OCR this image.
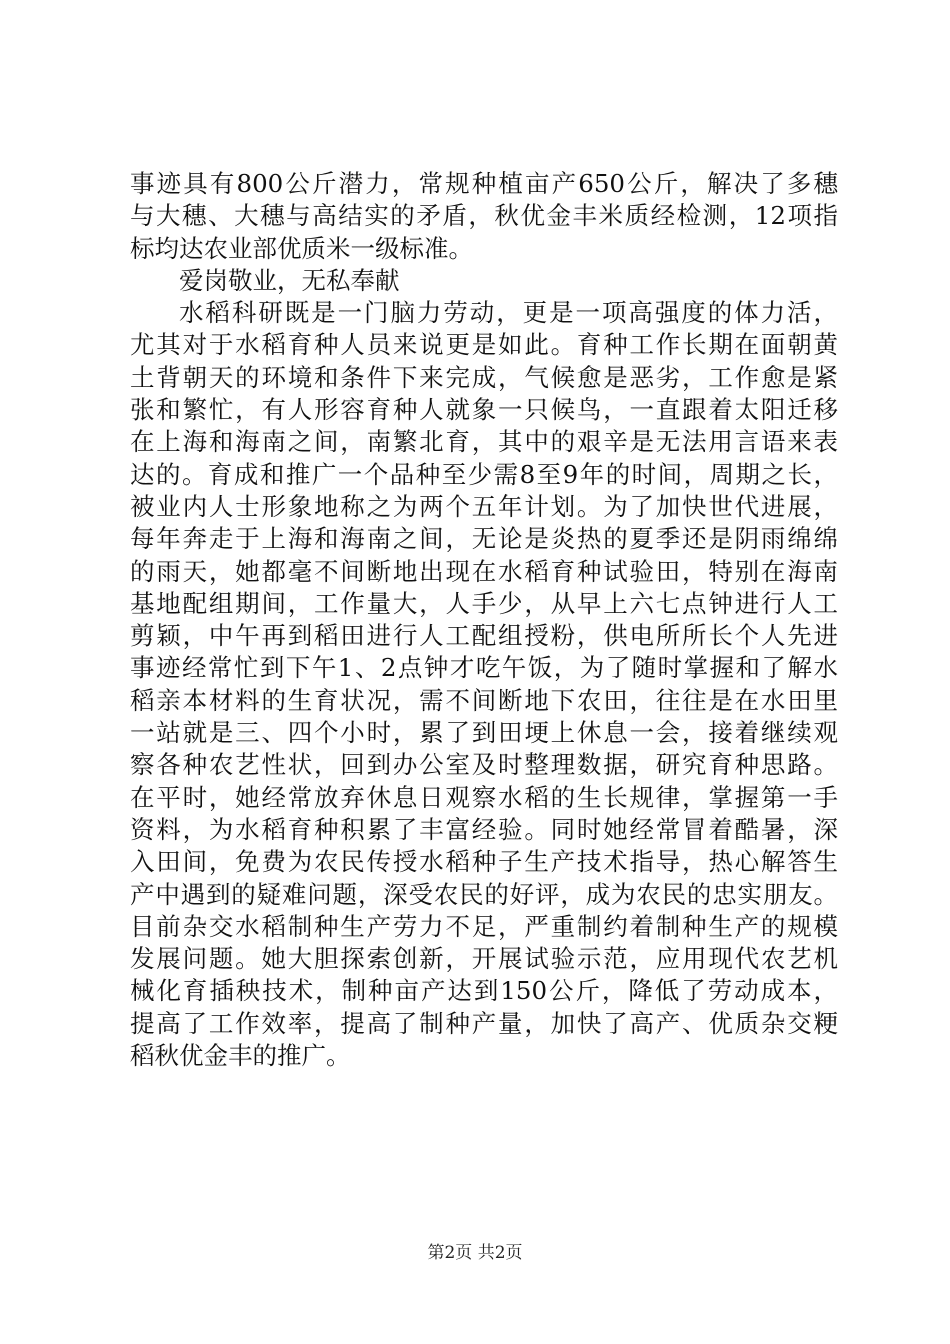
事迹具有800公斤潜力，常规种植亩产650公斤，解决了多穗
与大穗、大穗与高结实的矛盾，秋优金丰米质经检测，12项指
标均达农业部优质米一级标准。
爱岗敬业，无私奉献
水稻科研既是一门脑力劳动，更是一项高强度的体力活，
尤其对于水稻育种人员来说更是如此。育种工作长期在面朝黄
土背朝天的环境和条件下来完成，气候愈是恶劣，工作愈是紧
张和繁忙，有人形容育种人就象一只候鸟，一直跟着太阳迁移
在上海和海南之间，南繁北育，其中的艰辛是无法用言语来表
达的。育成和推广一个品种至少需8至9年的时间，周期之长，
被业内人士形象地称之为两个五年计划。为了加快世代进展，
每年奔走于上海和海南之间，无论是炎热的夏季还是阴雨绵绵
的雨天，她都毫不间断地出现在水稻育种试验田，特别在海南
基地配组期间，工作量大，人手少，从早上六七点钟进行人工
剪颖，中午再到稻田进行人工配组授粉，供电所所长个人先进
事迹经常忙到下午1、2点钟才吃午饭，为了随时掌握和了解水
稻亲本材料的生育状况，需不间断地下农田，往往是在水田里
一站就是三、四个小时，累了到田埂上休息一会，接着继续观
察各种农艺性状，回到办公室及时整理数据，研究育种思路。
在平时，她经常放弃休息日观察水稻的生长规律，掌握第一手
资料，为水稻育种积累了丰富经验。同时她经常冒着酷暑，深
入田间，免费为农民传授水稻种子生产技术指导，热心解答生
产中遇到的疑难问题，深受农民的好评，成为农民的忠实朋友。
目前杂交水稻制种生产劳力不足，严重制约着制种生产的规模
发展问题。她大胆探索创新，开展试验示范，应用现代农艺机
械化育插秧技术，制种亩产达到150公斤，降低了劳动成本，
提高了工作效率，提高了制种产量，加快了高产、优质杂交粳
稻秋优金丰的推广。
第2页 共2页
